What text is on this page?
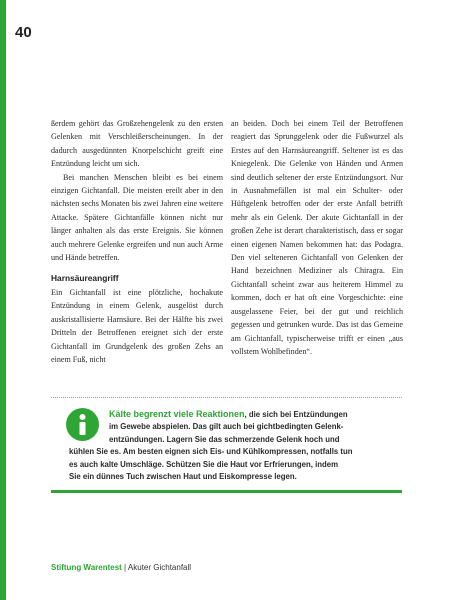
40

ßerdem gehört das Großzehengelenk zu den ersten Gelenken mit Verschleißerscheinungen. In der dadurch ausgedünnten Knorpelschicht greift eine Entzündung leicht um sich.

Bei manchen Menschen bleibt es bei einem einzigen Gichtanfall. Die meisten ereilt aber in den nächsten sechs Monaten bis zwei Jahren eine weitere Attacke. Spätere Gichtanfälle können nicht nur länger anhalten als das erste Ereignis. Sie können auch mehrere Gelenke ergreifen und nun auch Arme und Hände betreffen.

Harnsäureangriff

Ein Gichtanfall ist eine plötzliche, hochakute Entzündung in einem Gelenk, ausgelöst durch auskristallisierte Harnsäure. Bei der Hälfte bis zwei Dritteln der Betroffenen ereignet sich der erste Gichtanfall im Grundgelenk des großen Zehs an einem Fuß, nicht

an beiden. Doch bei einem Teil der Betroffenen reagiert das Sprunggelenk oder die Fußwurzel als Erstes auf den Harnsäureangriff. Seltener ist es das Kniegelenk. Die Gelenke von Händen und Armen sind deutlich seltener der erste Entzündungsort. Nur in Ausnahmefällen ist mal ein Schulter- oder Hüftgelenk betroffen oder der erste Anfall betrifft mehr als ein Gelenk. Der akute Gichtanfall in der großen Zehe ist derart charakteristisch, dass er sogar einen eigenen Namen bekommen hat: das Podagra. Den viel selteneren Gichtanfall von Gelenken der Hand bezeichnen Mediziner als Chiragra. Ein Gichtanfall scheint zwar aus heiterem Himmel zu kommen, doch er hat oft eine Vorgeschichte: eine ausgelassene Feier, bei der gut und reichlich gegessen und getrunken wurde. Das ist das Gemeine am Gichtanfall, typischerweise trifft er einen „aus vollstem Wohlbefinden“.

Kälte begrenzt viele Reaktionen, die sich bei Entzündungen
im Gewebe abspielen. Das gilt auch bei gichtbedingten Gelenk-
entzündungen. Lagern Sie das schmerzende Gelenk hoch und
kühlen Sie es. Am besten eignen sich Eis- und Kühlkompressen, notfalls tun
es auch kalte Umschläge. Schützen Sie die Haut vor Erfrierungen, indem
Sie ein dünnes Tuch zwischen Haut und Eiskompresse legen.
Stiftung Warentest | Akuter Gichtanfall
